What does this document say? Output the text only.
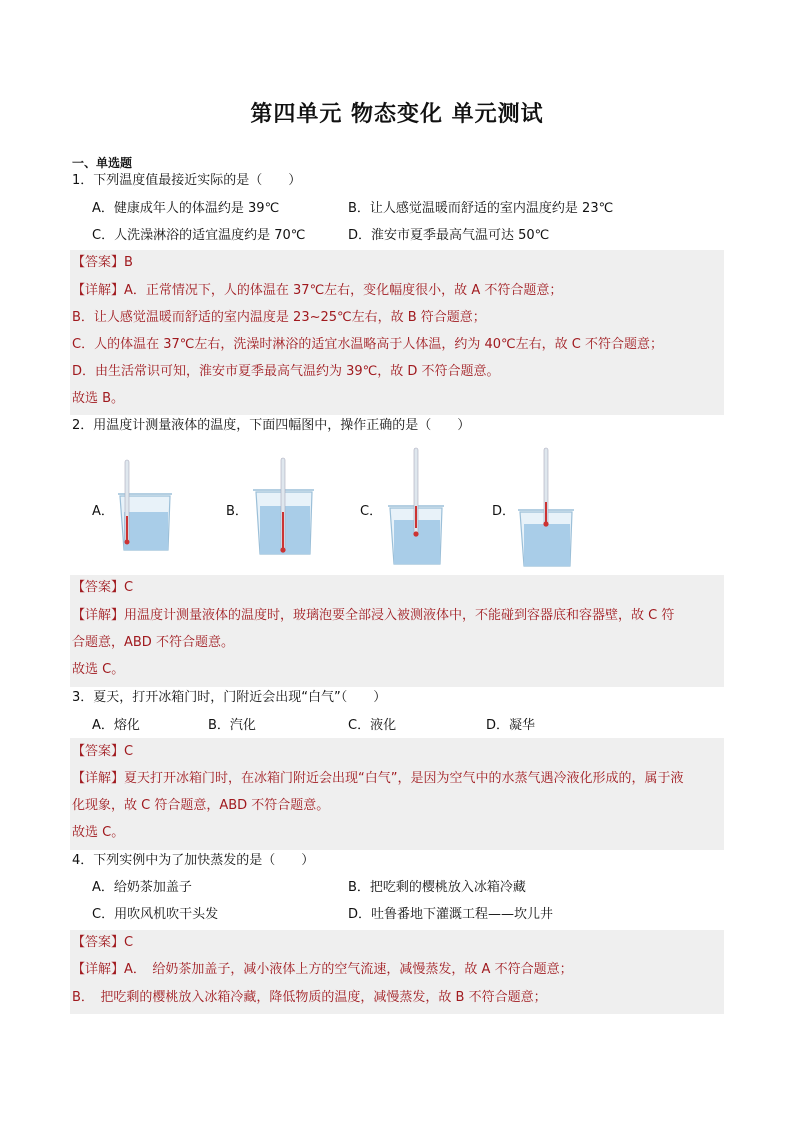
第四单元 物态变化 单元测试
一、单选题
1．下列温度值最接近实际的是（　　）
A．健康成年人的体温约是 39℃	B．让人感觉温暖而舒适的室内温度约是 23℃
C．人洗澡淋浴的适宜温度约是 70℃	D．淮安市夏季最高气温可达 50℃
【答案】B
【详解】A．正常情况下，人的体温在 37℃左右，变化幅度很小，故 A 不符合题意；
B．让人感觉温暖而舒适的室内温度是 23~25℃左右，故 B 符合题意；
C．人的体温在 37℃左右，洗澡时淋浴的适宜水温略高于人体温，约为 40℃左右，故 C 不符合题意；
D．由生活常识可知，淮安市夏季最高气温约为 39℃，故 D 不符合题意。
故选 B。
2．用温度计测量液体的温度，下面四幅图中，操作正确的是（　　）
A．	B．	C．	D．
【答案】C
【详解】用温度计测量液体的温度时，玻璃泡要全部浸入被测液体中，不能碰到容器底和容器壁，故 C 符
合题意，ABD 不符合题意。
故选 C。
3．夏天，打开冰箱门时，门附近会出现“白气”（　　）
A．熔化	B．汽化	C．液化	D．凝华
【答案】C
【详解】夏天打开冰箱门时，在冰箱门附近会出现“白气”，是因为空气中的水蒸气遇冷液化形成的，属于液
化现象，故 C 符合题意，ABD 不符合题意。
故选 C。
4．下列实例中为了加快蒸发的是（　　）
A．给奶茶加盖子	B．把吃剩的樱桃放入冰箱冷藏
C．用吹风机吹干头发	D．吐鲁番地下灌溉工程——坎儿井
【答案】C
【详解】A．　给奶茶加盖子，减小液体上方的空气流速，减慢蒸发，故 A 不符合题意；
B．　把吃剩的樱桃放入冰箱冷藏，降低物质的温度，减慢蒸发，故 B 不符合题意；
